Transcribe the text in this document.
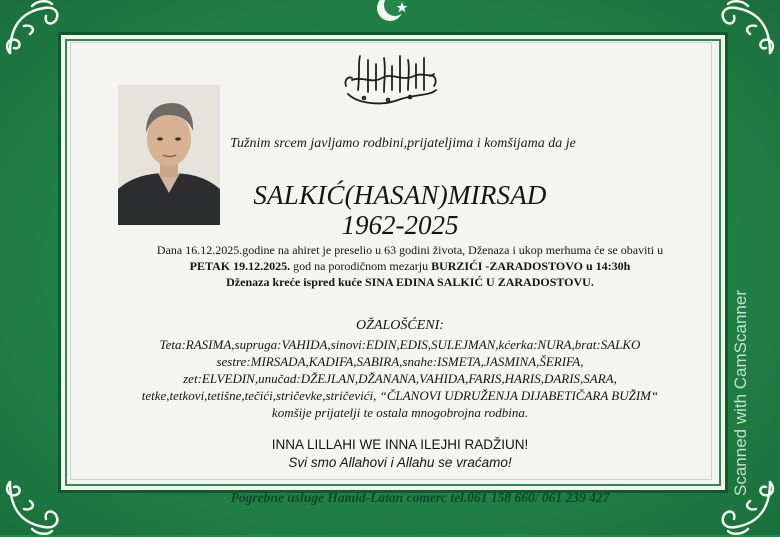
Tužnim srcem javljamo rodbini,prijateljima i komšijama da je
SALKIĆ(HASAN)MIRSAD
1962-2025
Dana 16.12.2025.godine na ahiret je preselio u 63 godini života, Dženaza i ukop merhuma će se obaviti u
PETAK 19.12.2025. god na porodičnom mezarju BURZIĆI -ZARADOSTOVO u 14:30h
Dženaza kreće ispred kuće SINA EDINA SALKIĆ U ZARADOSTOVU.
OŽALOŠĆENI:
Teta:RASIMA,supruga:VAHIDA,sinovi:EDIN,EDIS,SULEJMAN,kćerka:NURA,brat:SALKO
sestre:MIRSADA,KADIFA,SABIRA,snahe:ISMETA,JASMINA,ŠERIFA,
zet:ELVEDIN,unučad:DŽEJLAN,DŽANANA,VAHIDA,FARIS,HARIS,DARIS,SARA,
tetke,tetkovi,tetišne,tečići,stričevke,stričevići, “ČLANOVI UDRUŽENJA DIJABETIČARA BUŽIM“
komšije prijatelji te ostala mnogobrojna rodbina.
INNA LILLAHI WE INNA ILEJHI RADŽIUN!
Svi smo Allahovi i Allahu se vraćamo!
Pogrebne usluge Hamid-Latan comerc tel.061 158 660/ 061 239 427
Scanned with CamScanner
